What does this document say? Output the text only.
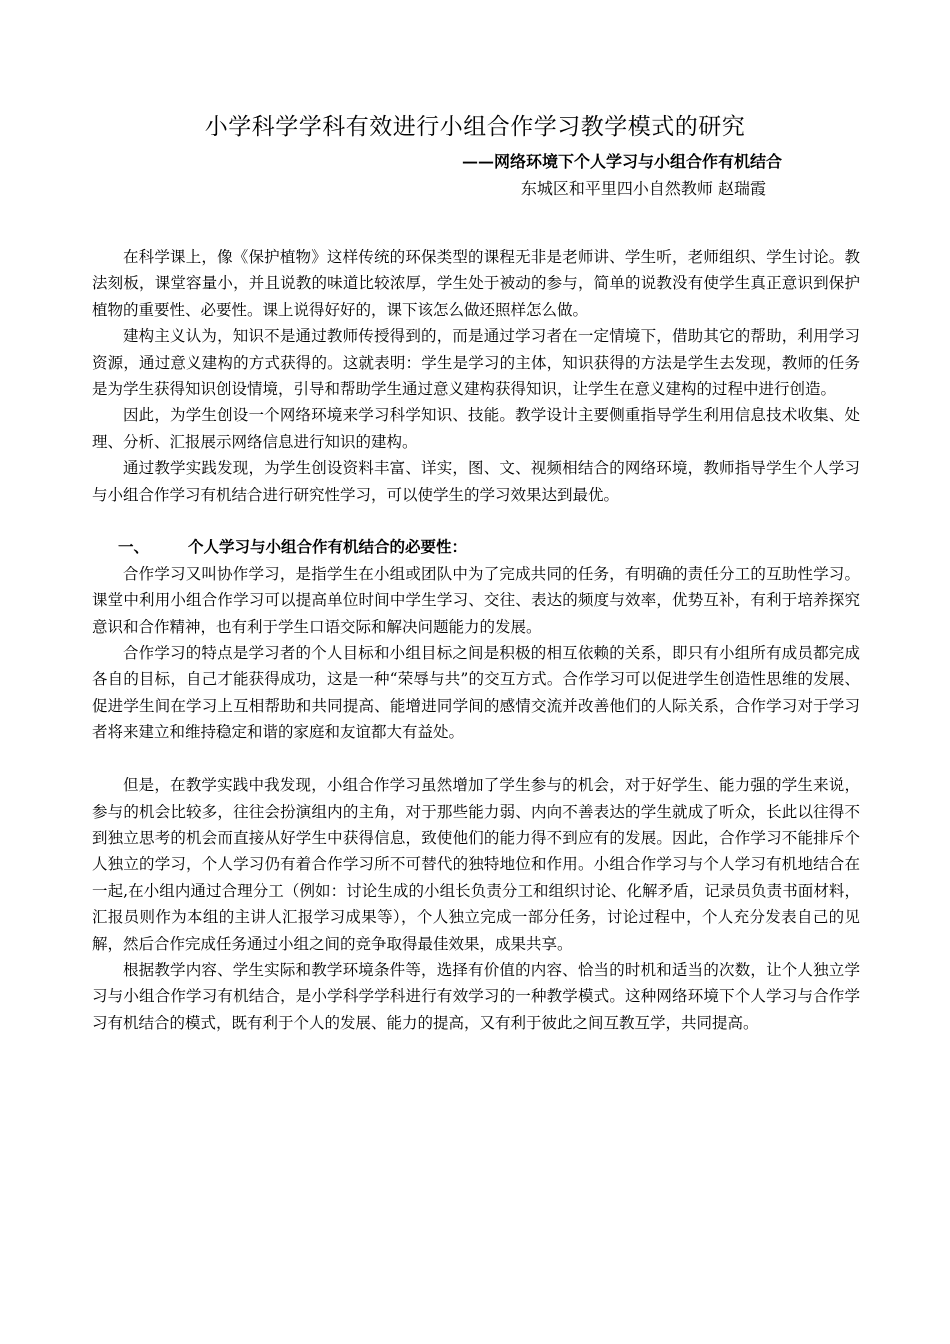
小学科学学科有效进行小组合作学习教学模式的研究
——网络环境下个人学习与小组合作有机结合
东城区和平里四小自然教师 赵瑞霞

在科学课上，像《保护植物》这样传统的环保类型的课程无非是老师讲、学生听，老师组织、学生讨论。教法刻板，课堂容量小，并且说教的味道比较浓厚，学生处于被动的参与，简单的说教没有使学生真正意识到保护植物的重要性、必要性。课上说得好好的，课下该怎么做还照样怎么做。

建构主义认为，知识不是通过教师传授得到的，而是通过学习者在一定情境下，借助其它的帮助，利用学习资源，通过意义建构的方式获得的。这就表明：学生是学习的主体，知识获得的方法是学生去发现，教师的任务是为学生获得知识创设情境，引导和帮助学生通过意义建构获得知识，让学生在意义建构的过程中进行创造。

因此，为学生创设一个网络环境来学习科学知识、技能。教学设计主要侧重指导学生利用信息技术收集、处理、分析、汇报展示网络信息进行知识的建构。

通过教学实践发现，为学生创设资料丰富、详实，图、文、视频相结合的网络环境，教师指导学生个人学习与小组合作学习有机结合进行研究性学习，可以使学生的学习效果达到最优。

一、	个人学习与小组合作有机结合的必要性：

合作学习又叫协作学习，是指学生在小组或团队中为了完成共同的任务，有明确的责任分工的互助性学习。课堂中利用小组合作学习可以提高单位时间中学生学习、交往、表达的频度与效率，优势互补，有利于培养探究意识和合作精神，也有利于学生口语交际和解决问题能力的发展。

合作学习的特点是学习者的个人目标和小组目标之间是积极的相互依赖的关系，即只有小组所有成员都完成各自的目标，自己才能获得成功，这是一种“荣辱与共”的交互方式。合作学习可以促进学生创造性思维的发展、促进学生间在学习上互相帮助和共同提高、能增进同学间的感情交流并改善他们的人际关系，合作学习对于学习者将来建立和维持稳定和谐的家庭和友谊都大有益处。

但是，在教学实践中我发现，小组合作学习虽然增加了学生参与的机会，对于好学生、能力强的学生来说，参与的机会比较多，往往会扮演组内的主角，对于那些能力弱、内向不善表达的学生就成了听众，长此以往得不到独立思考的机会而直接从好学生中获得信息，致使他们的能力得不到应有的发展。因此，合作学习不能排斥个人独立的学习，个人学习仍有着合作学习所不可替代的独特地位和作用。小组合作学习与个人学习有机地结合在一起,在小组内通过合理分工（例如：讨论生成的小组长负责分工和组织讨论、化解矛盾，记录员负责书面材料，汇报员则作为本组的主讲人汇报学习成果等），个人独立完成一部分任务，讨论过程中，个人充分发表自己的见解，然后合作完成任务通过小组之间的竞争取得最佳效果，成果共享。

根据教学内容、学生实际和教学环境条件等，选择有价值的内容、恰当的时机和适当的次数，让个人独立学习与小组合作学习有机结合，是小学科学学科进行有效学习的一种教学模式。这种网络环境下个人学习与合作学习有机结合的模式，既有利于个人的发展、能力的提高，又有利于彼此之间互教互学，共同提高。
